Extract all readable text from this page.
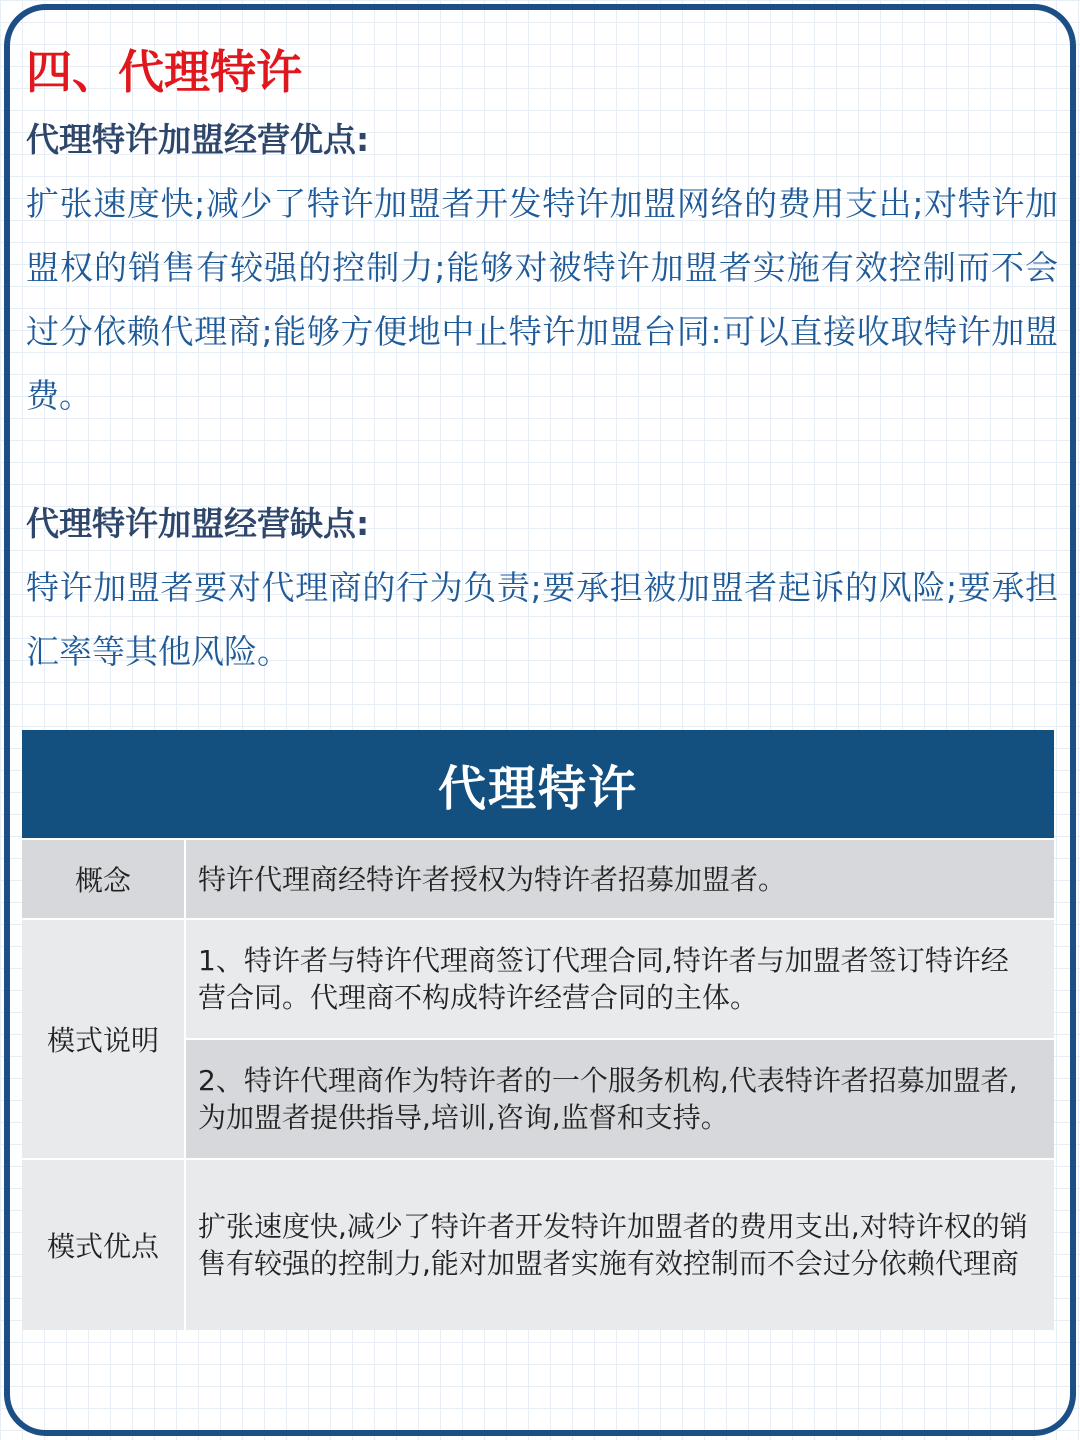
四、代理特许
代理特许加盟经营优点:

扩张速度快;减少了特许加盟者开发特许加盟网络的费用支出;对特许加盟权的销售有较强的控制力;能够对被特许加盟者实施有效控制而不会过分依赖代理商;能够方便地中止特许加盟台同:可以直接收取特许加盟费。

代理特许加盟经营缺点:

特许加盟者要对代理商的行为负责;要承担被加盟者起诉的风险;要承担汇率等其他风险。

代理特许
概念	特许代理商经特许者授权为特许者招募加盟者。
模式说明
1、特许者与特许代理商签订代理合同,特许者与加盟者签订特许经营合同。代理商不构成特许经营合同的主体。
2、特许代理商作为特许者的一个服务机构,代表特许者招募加盟者,为加盟者提供指导,培训,咨询,监督和支持。
模式优点
扩张速度快,减少了特许者开发特许加盟者的费用支出,对特许权的销售有较强的控制力,能对加盟者实施有效控制而不会过分依赖代理商
